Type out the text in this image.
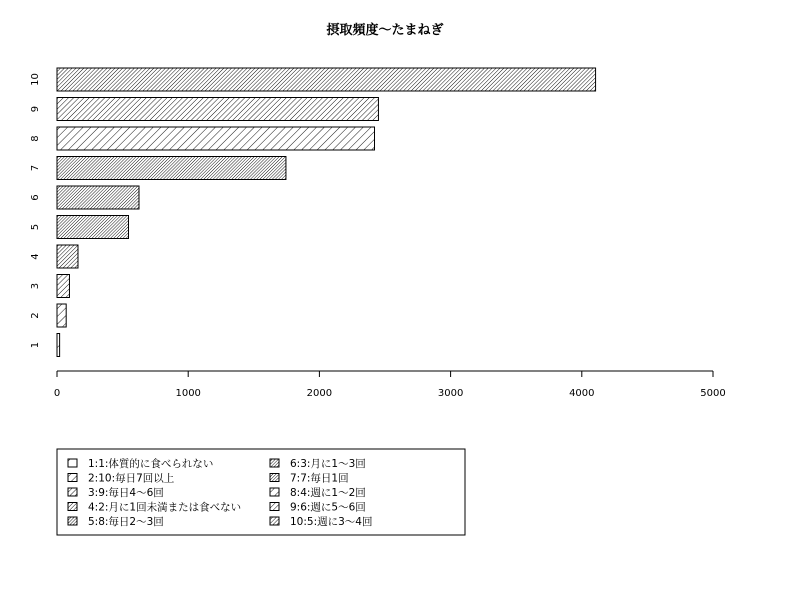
摂取頻度〜たまねぎ
1
2
3
4
5
6
7
8
9
10
0	1000	2000	3000	4000	5000
1:1:体質的に食べられない
2:10:毎日7回以上
3:9:毎日4〜6回
4:2:月に1回未満または食べない
5:8:毎日2〜3回
6:3:月に1〜3回
7:7:毎日1回
8:4:週に1〜2回
9:6:週に5〜6回
10:5:週に3〜4回
